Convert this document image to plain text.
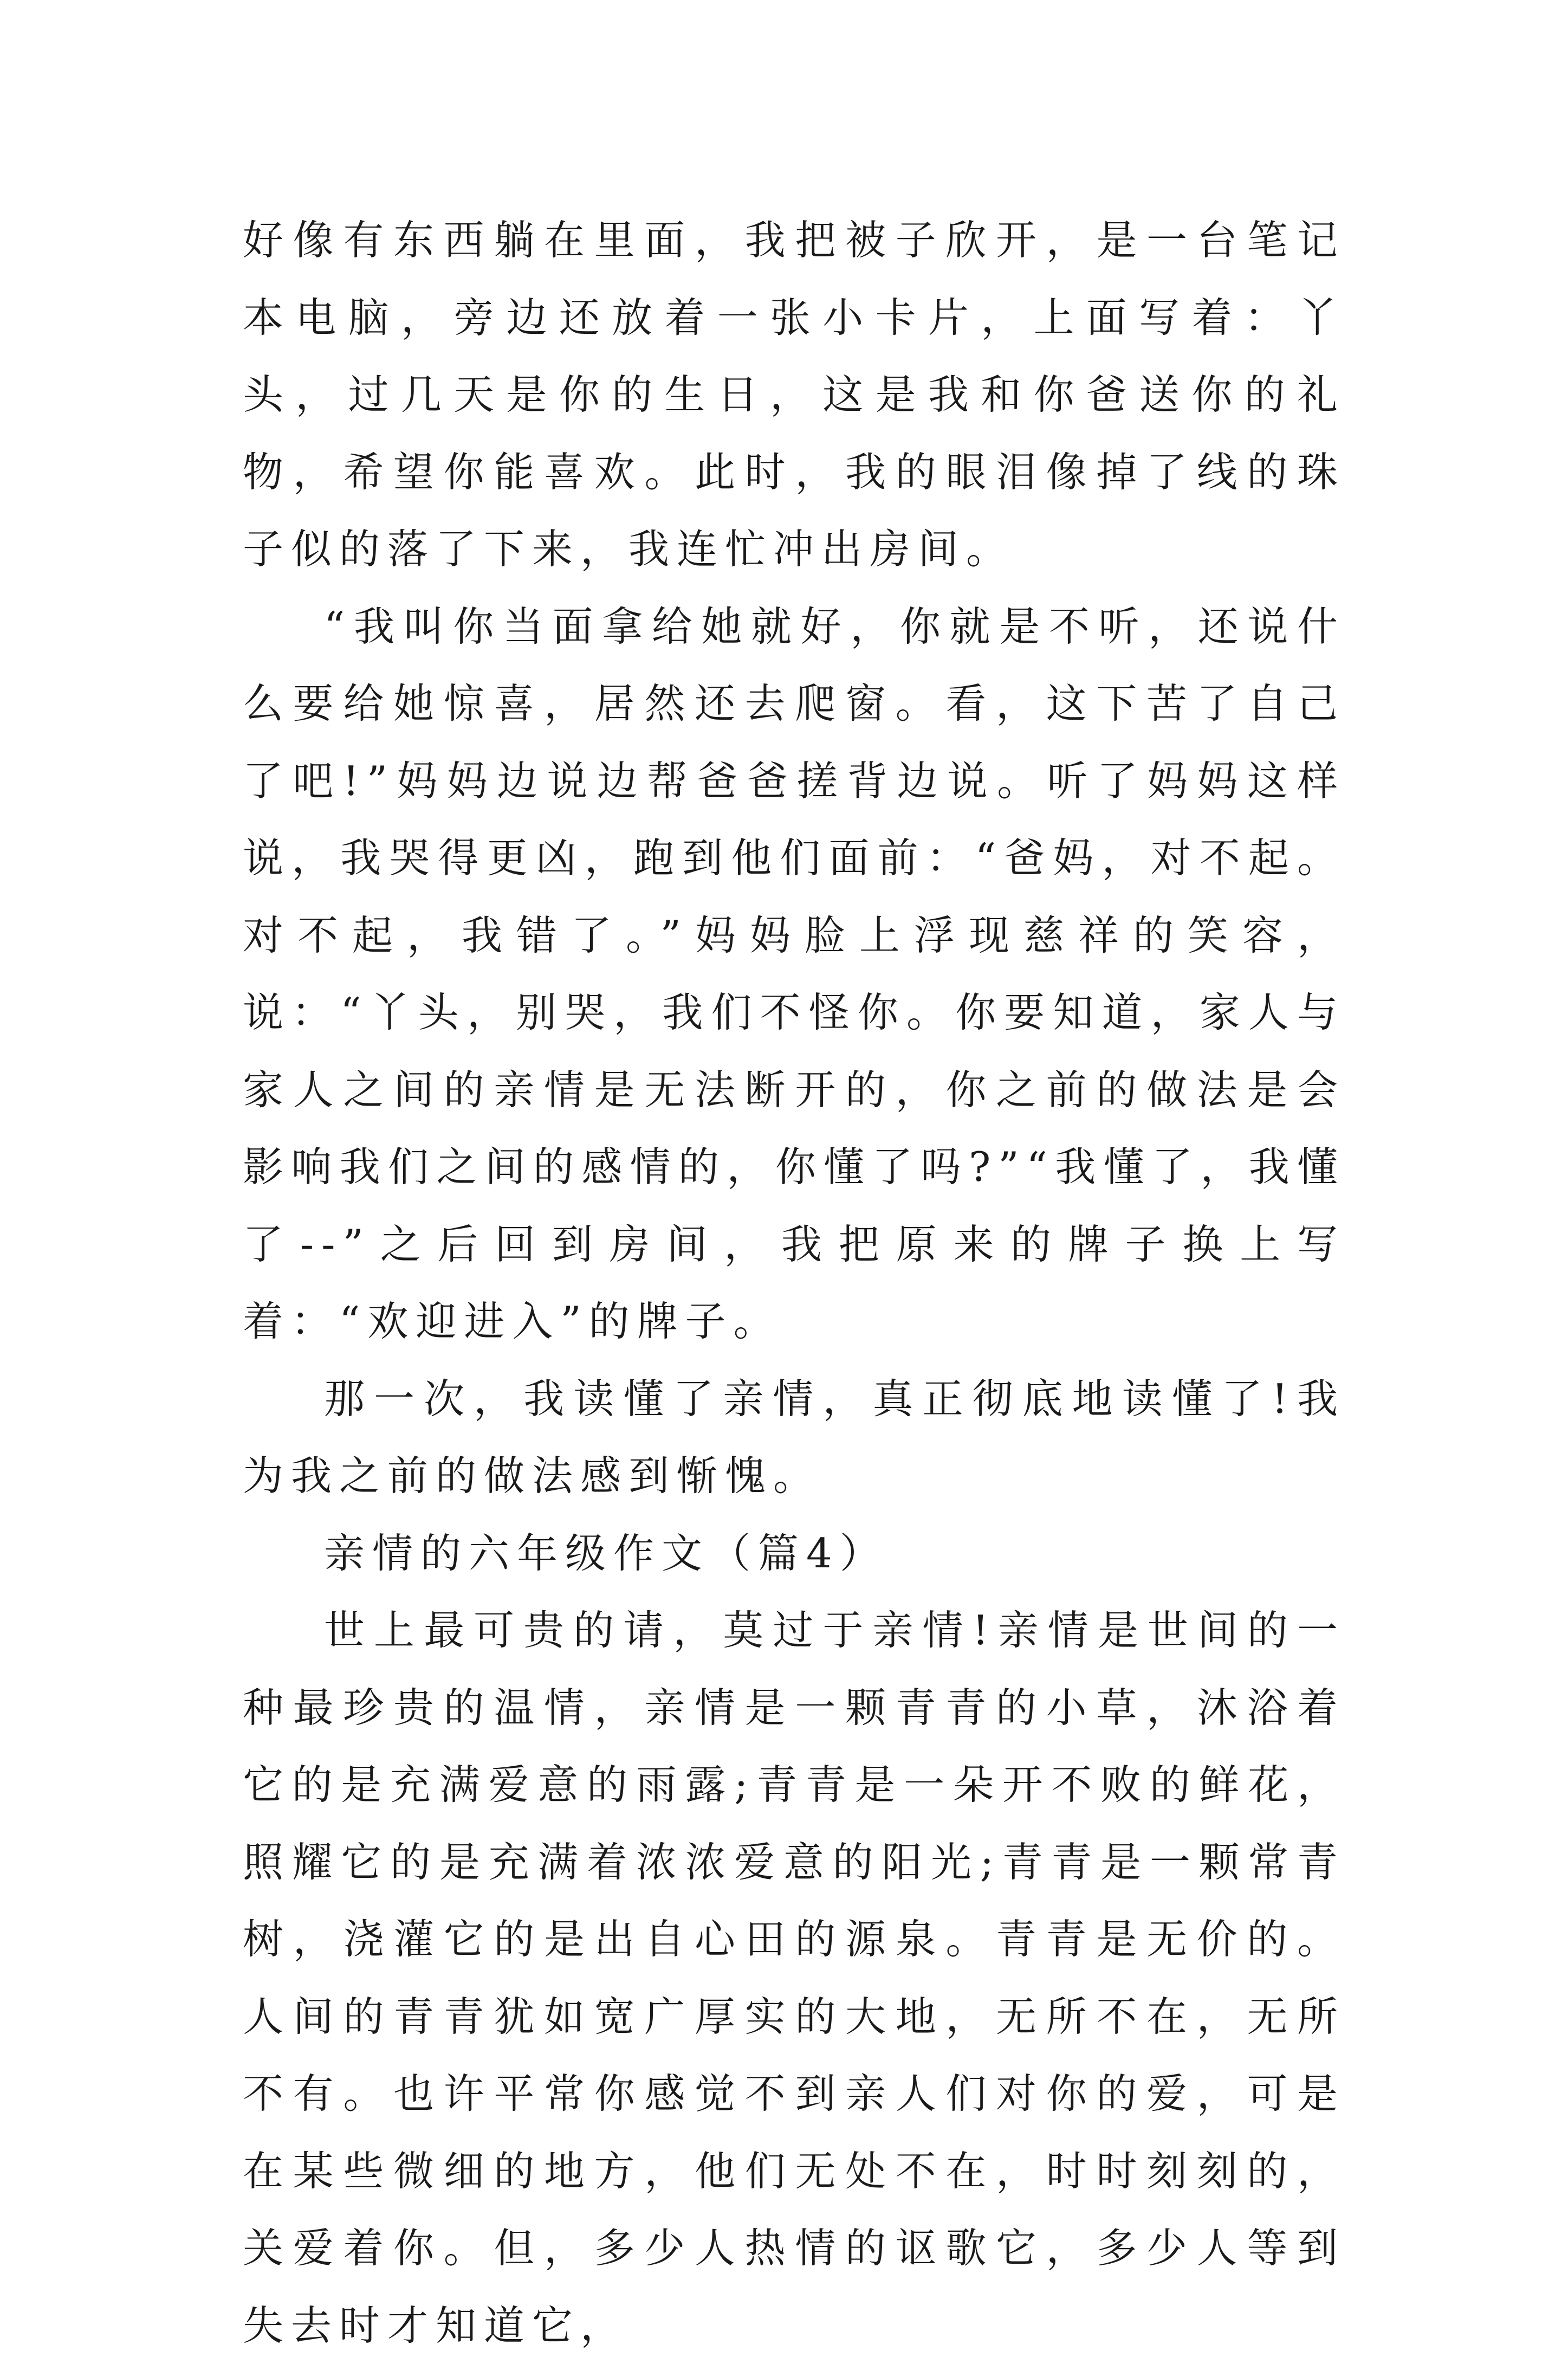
好像有东西躺在里面，我把被子欣开，是一台笔记本电脑，旁边还放着一张小卡片，上面写着：丫头，过几天是你的生日，这是我和你爸送你的礼物，希望你能喜欢。此时，我的眼泪像掉了线的珠子似的落了下来，我连忙冲出房间。

“我叫你当面拿给她就好，你就是不听，还说什么要给她惊喜，居然还去爬窗。看，这下苦了自己了吧!”妈妈边说边帮爸爸搓背边说。听了妈妈这样说，我哭得更凶，跑到他们面前：“爸妈，对不起。对不起，我错了。”妈妈脸上浮现慈祥的笑容，说：“丫头，别哭，我们不怪你。你要知道，家人与家人之间的亲情是无法断开的，你之前的做法是会影响我们之间的感情的，你懂了吗?”“我懂了，我懂了--”之后回到房间，我把原来的牌子换上写着：“欢迎进入”的牌子。

那一次，我读懂了亲情，真正彻底地读懂了!我为我之前的做法感到惭愧。

亲情的六年级作文（篇4）

世上最可贵的请，莫过于亲情!亲情是世间的一种最珍贵的温情，亲情是一颗青青的小草，沐浴着它的是充满爱意的雨露;青青是一朵开不败的鲜花，照耀它的是充满着浓浓爱意的阳光;青青是一颗常青树，浇灌它的是出自心田的源泉。青青是无价的。人间的青青犹如宽广厚实的大地，无所不在，无所不有。也许平常你感觉不到亲人们对你的爱，可是在某些微细的地方，他们无处不在，时时刻刻的，关爱着你。但，多少人热情的讴歌它，多少人等到失去时才知道它，
